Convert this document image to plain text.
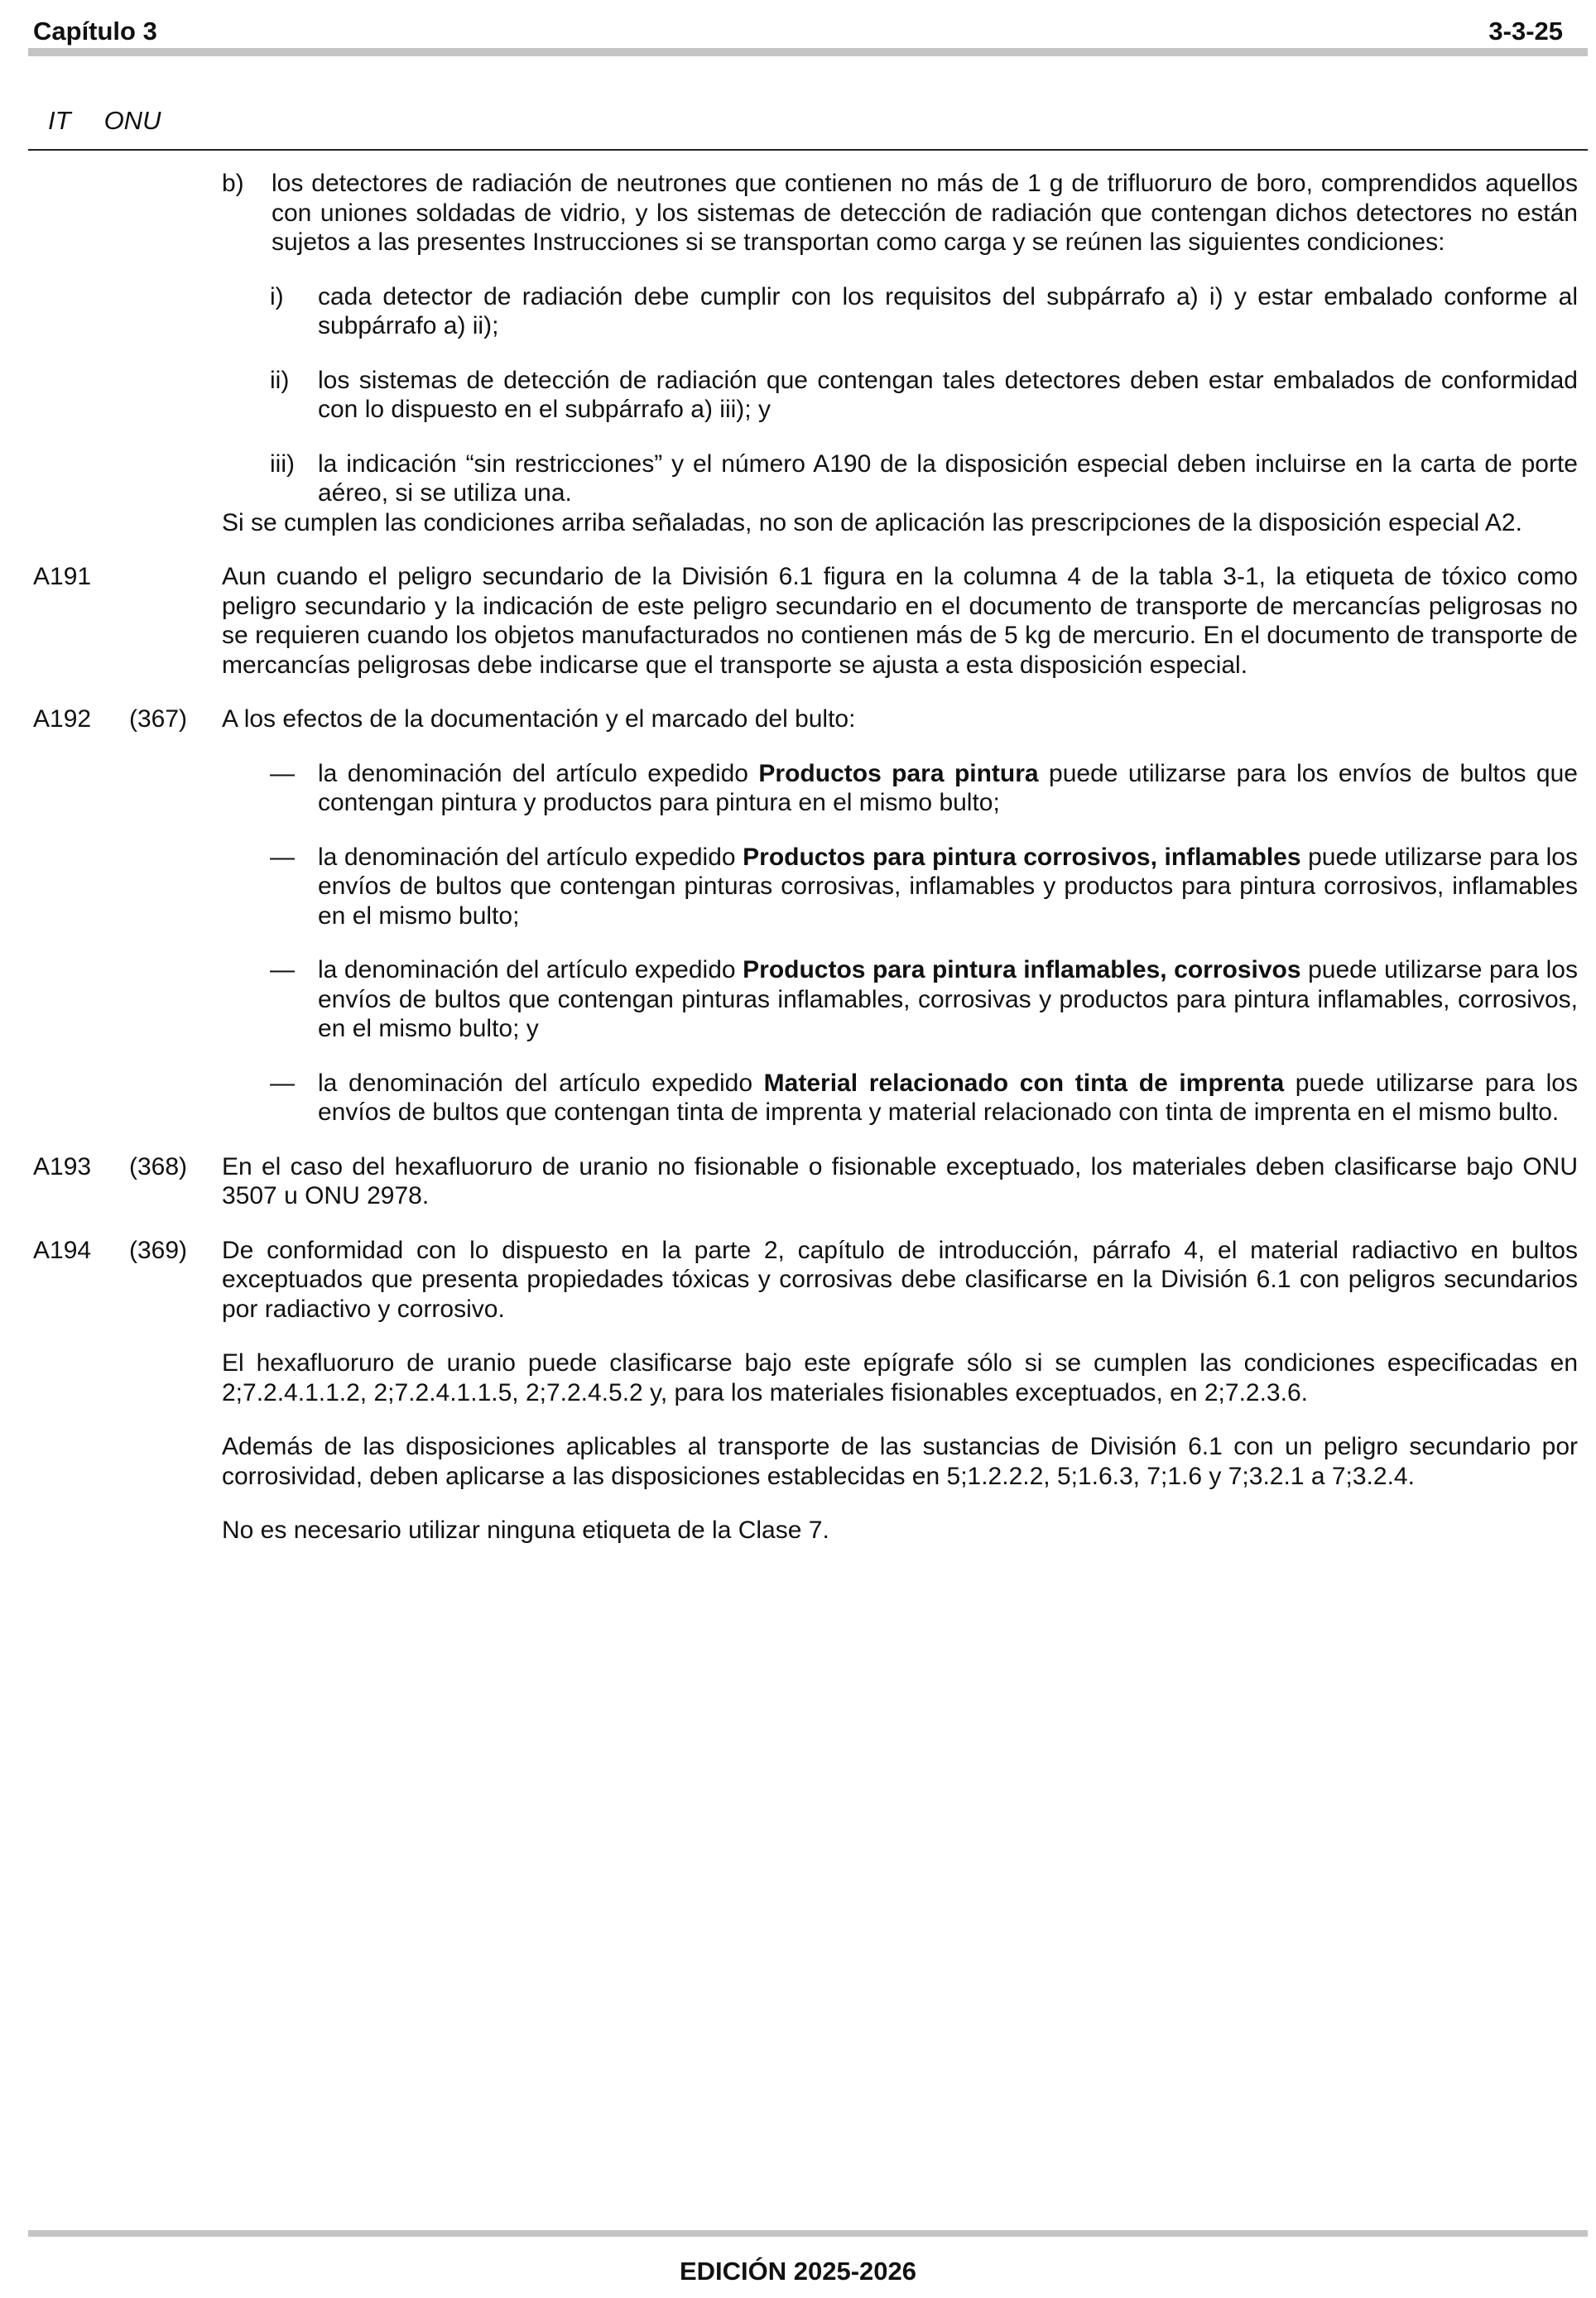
Capítulo 3	3-3-25
IT ONU
b)	los detectores de radiación de neutrones que contienen no más de 1 g de trifluoruro de boro, comprendidos aquellos con uniones soldadas de vidrio, y los sistemas de detección de radiación que contengan dichos detectores no están sujetos a las presentes Instrucciones si se transportan como carga y se reúnen las siguientes condiciones:
i)	cada detector de radiación debe cumplir con los requisitos del subpárrafo a) i) y estar embalado conforme al subpárrafo a) ii);
ii)	los sistemas de detección de radiación que contengan tales detectores deben estar embalados de conformidad con lo dispuesto en el subpárrafo a) iii); y
iii) la indicación “sin restricciones” y el número A190 de la disposición especial deben incluirse en la carta de porte aéreo, si se utiliza una.

Si se cumplen las condiciones arriba señaladas, no son de aplicación las prescripciones de la disposición especial A2.

A191	Aun cuando el peligro secundario de la División 6.1 figura en la columna 4 de la tabla 3-1, la etiqueta de tóxico como peligro secundario y la indicación de este peligro secundario en el documento de transporte de mercancías peligrosas no se requieren cuando los objetos manufacturados no contienen más de 5 kg de mercurio. En el documento de transporte de mercancías peligrosas debe indicarse que el transporte se ajusta a esta disposición especial.

A192	(367)	A los efectos de la documentación y el marcado del bulto:

— la denominación del artículo expedido Productos para pintura puede utilizarse para los envíos de bultos que contengan pintura y productos para pintura en el mismo bulto;
— la denominación del artículo expedido Productos para pintura corrosivos, inflamables puede utilizarse para los envíos de bultos que contengan pinturas corrosivas, inflamables y productos para pintura corrosivos, inflamables en el mismo bulto;
— la denominación del artículo expedido Productos para pintura inflamables, corrosivos puede utilizarse para los envíos de bultos que contengan pinturas inflamables, corrosivas y productos para pintura inflamables, corrosivos, en el mismo bulto; y
— la denominación del artículo expedido Material relacionado con tinta de imprenta puede utilizarse para los envíos de bultos que contengan tinta de imprenta y material relacionado con tinta de imprenta en el mismo bulto.
A193	(368)	En el caso del hexafluoruro de uranio no fisionable o fisionable exceptuado, los materiales deben clasificarse bajo ONU 3507 u ONU 2978.

A194	(369)	De conformidad con lo dispuesto en la parte 2, capítulo de introducción, párrafo 4, el material radiactivo en bultos exceptuados que presenta propiedades tóxicas y corrosivas debe clasificarse en la División 6.1 con peligros secundarios por radiactivo y corrosivo.

El hexafluoruro de uranio puede clasificarse bajo este epígrafe sólo si se cumplen las condiciones especificadas en 2;7.2.4.1.1.2, 2;7.2.4.1.1.5, 2;7.2.4.5.2 y, para los materiales fisionables exceptuados, en 2;7.2.3.6.

Además de las disposiciones aplicables al transporte de las sustancias de División 6.1 con un peligro secundario por corrosividad, deben aplicarse a las disposiciones establecidas en 5;1.2.2.2, 5;1.6.3, 7;1.6 y 7;3.2.1 a 7;3.2.4.

No es necesario utilizar ninguna etiqueta de la Clase 7.

EDICIÓN 2025-2026
